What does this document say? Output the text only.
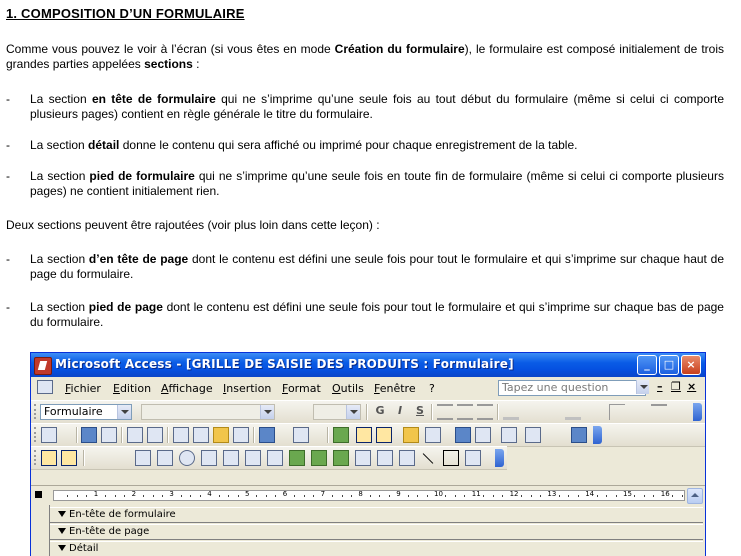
1. COMPOSITION D’UN FORMULAIRE
Comme vous pouvez le voir à l’écran (si vous êtes en mode Création du formulaire), le formulaire est composé initialement de trois grandes parties appelées sections :
- La section en tête de formulaire qui ne s’imprime qu’une seule fois au tout début du formulaire (même si celui ci comporte plusieurs pages) contient en règle générale le titre du formulaire.
- La section détail donne le contenu qui sera affiché ou imprimé pour chaque enregistrement de la table.
- La section pied de formulaire qui ne s’imprime qu’une seule fois en toute fin de formulaire (même si celui ci comporte plusieurs pages) ne contient initialement rien.
Deux sections peuvent être rajoutées (voir plus loin dans cette leçon) :
- La section d’en tête de page dont le contenu est défini une seule fois pour tout le formulaire et qui s’imprime sur chaque haut de page du formulaire.
- La section pied de page dont le contenu est défini une seule fois pour tout le formulaire et qui s’imprime sur chaque bas de page du formulaire.
Microsoft Access - [GRILLE DE SAISIE DES PRODUITS : Formulaire]	_	□	×
Fichier Edition Affichage Insertion Format Outils Fenêtre ?	Tapez une question	– ❐ ×
Formulaire	G	I	S
1	2	3	4	5	6	7	8	9	10	11	12	13	14	15	16
En-tête de formulaire
En-tête de page
Détail
